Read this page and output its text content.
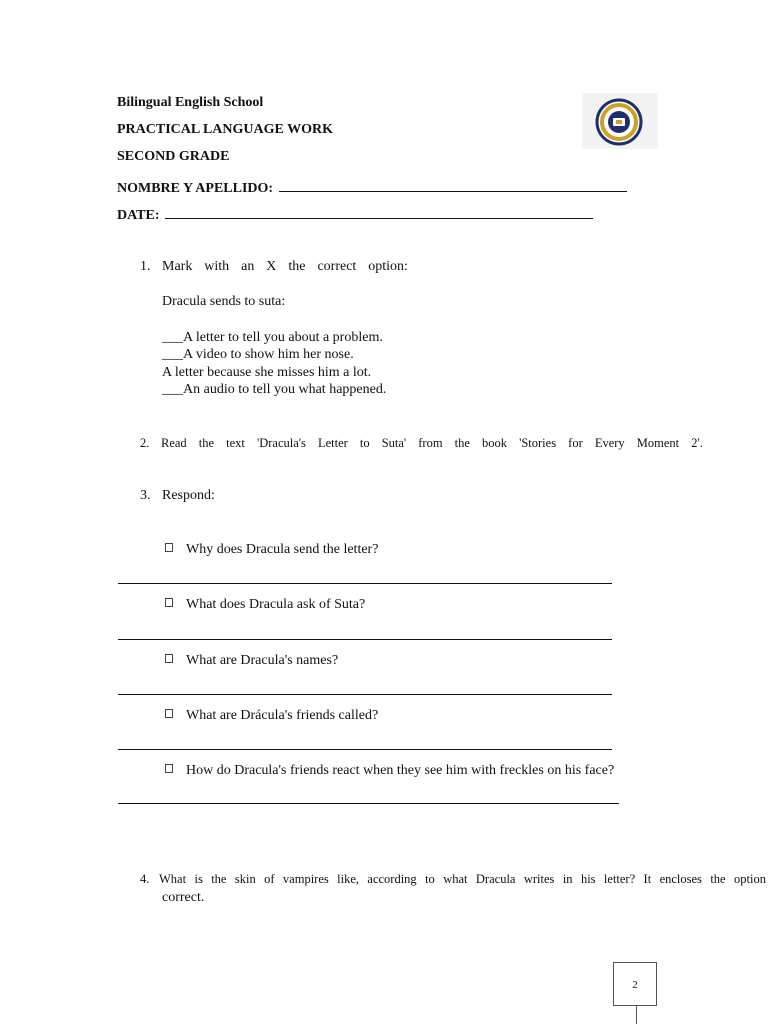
Bilingual English School
PRACTICAL LANGUAGE WORK
SECOND GRADE
NOMBRE Y APELLIDO:
DATE:
1. Mark with an X the correct option:
Dracula sends to suta:
___A letter to tell you about a problem.
___A video to show him her nose.
A letter because she misses him a lot.
___An audio to tell you what happened.
2. Read the text 'Dracula's Letter to Suta' from the book 'Stories for Every Moment 2'.
3. Respond:
Why does Dracula send the letter?
What does Dracula ask of Suta?
What are Dracula's names?
What are Drácula's friends called?
How do Dracula's friends react when they see him with freckles on his face?
4. What is the skin of vampires like, according to what Dracula writes in his letter? It encloses the option
correct.
2
